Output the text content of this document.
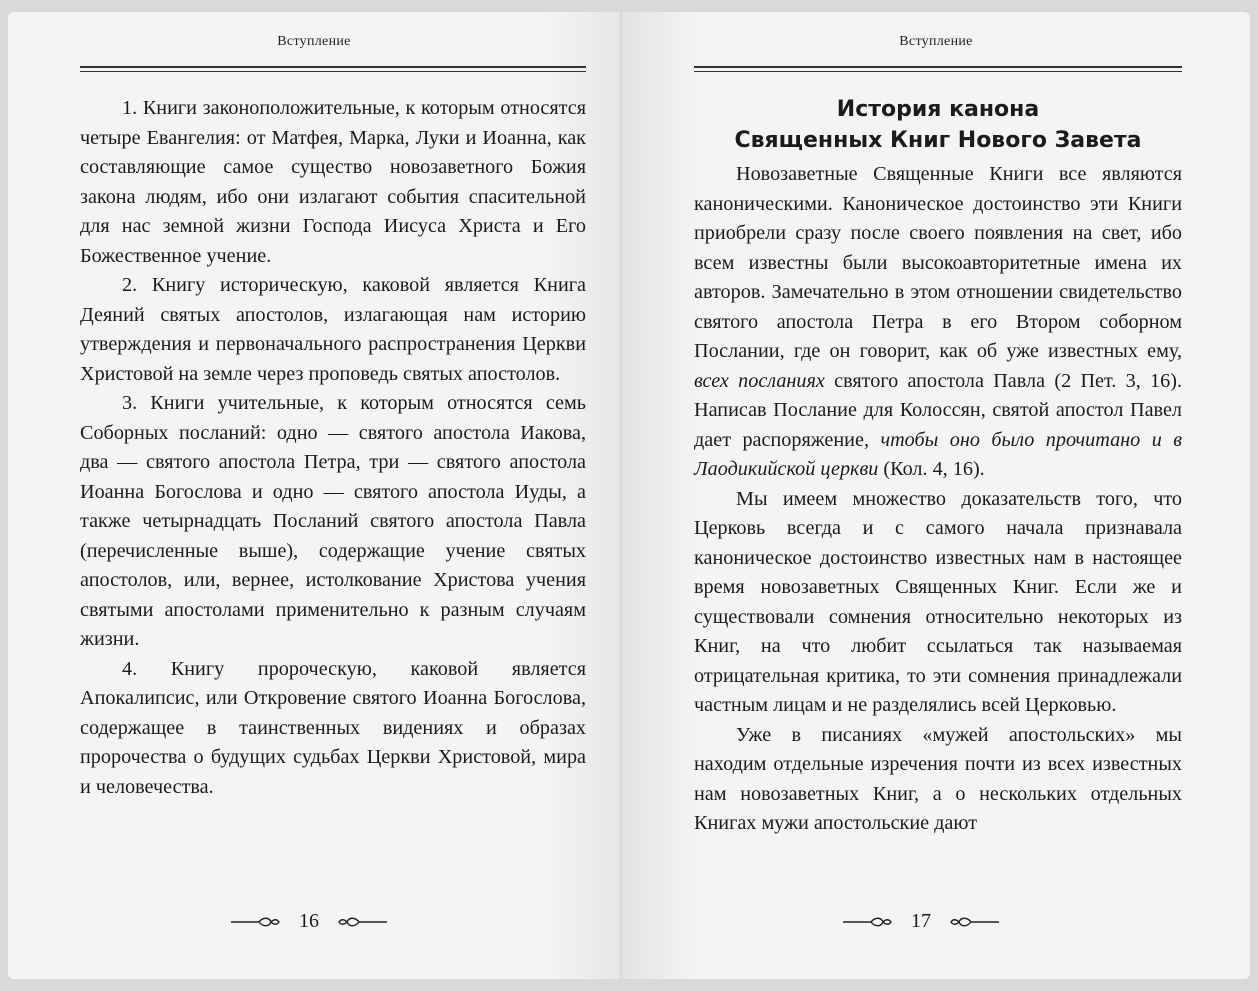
Вступление

1. Книги законоположительные, к которым относятся четыре Евангелия: от Матфея, Марка, Луки и Иоанна, как составляющие самое существо новозаветного Божия закона людям, ибо они излагают события спасительной для нас земной жизни Господа Иисуса Христа и Его Божественное учение.

2. Книгу историческую, каковой является Книга Деяний святых апостолов, излагающая нам историю утверждения и первоначального распространения Церкви Христовой на земле через проповедь святых апостолов.

3. Книги учительные, к которым относятся семь Соборных посланий: одно — святого апостола Иакова, два — святого апостола Петра, три — святого апостола Иоанна Богослова и одно — святого апостола Иуды, а также четырнадцать Посланий святого апостола Павла (перечисленные выше), содержащие учение святых апостолов, или, вернее, истолкование Христова учения святыми апостолами применительно к разным случаям жизни.

4. Книгу пророческую, каковой является Апокалипсис, или Откровение святого Иоанна Богослова, содержащее в таинственных видениях и образах пророчества о будущих судьбах Церкви Христовой, мира и человечества.

16
Вступление
История канона
Священных Книг Нового Завета

Новозаветные Священные Книги все являются каноническими. Каноническое достоинство эти Книги приобрели сразу после своего появления на свет, ибо всем известны были высокоавторитетные имена их авторов. Замечательно в этом отношении свидетельство святого апостола Петра в его Втором соборном Послании, где он говорит, как об уже известных ему, всех посланиях святого апостола Павла (2 Пет. 3, 16). Написав Послание для Колоссян, святой апостол Павел дает распоряжение, чтобы оно было прочитано и в Лаодикийской церкви (Кол. 4, 16).

Мы имеем множество доказательств того, что Церковь всегда и с самого начала признавала каноническое достоинство известных нам в настоящее время новозаветных Священных Книг. Если же и существовали сомнения относительно некоторых из Книг, на что любит ссылаться так называемая отрицательная критика, то эти сомнения принадлежали частным лицам и не разделялись всей Церковью.

Уже в писаниях «мужей апостольских» мы находим отдельные изречения почти из всех известных нам новозаветных Книг, а о нескольких отдельных Книгах мужи апостольские дают

17
